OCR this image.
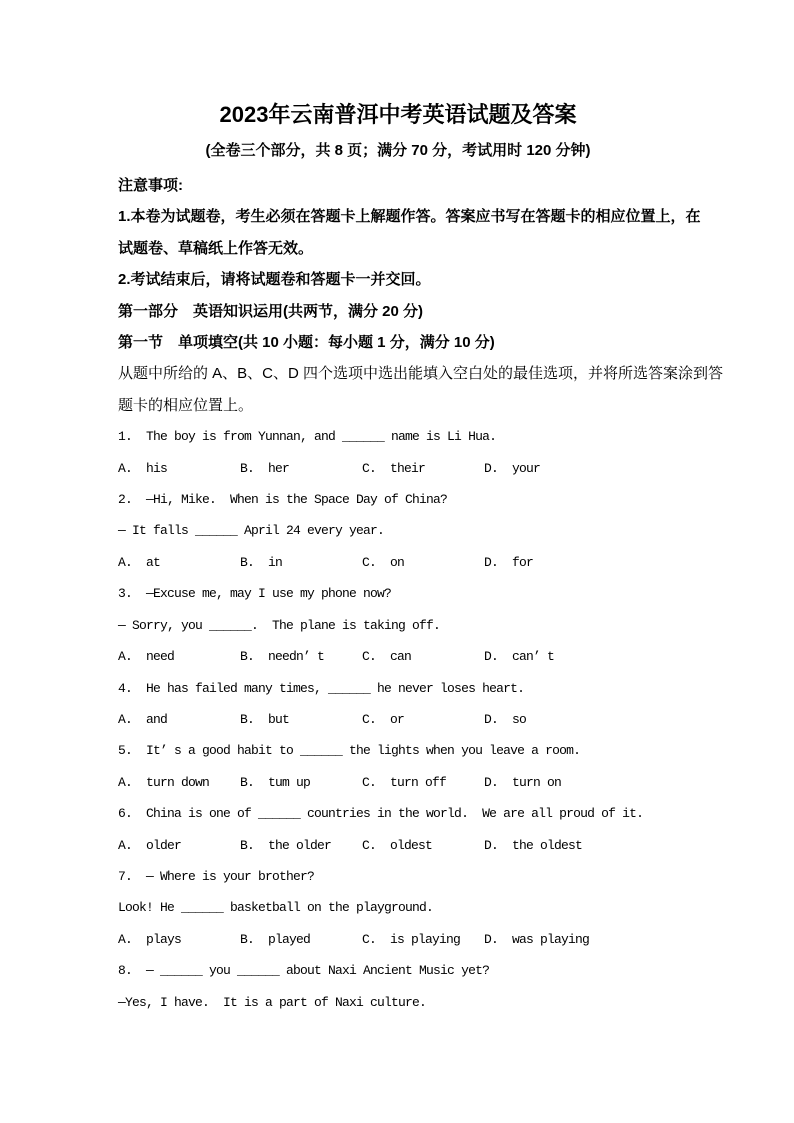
2023年云南普洱中考英语试题及答案
(全卷三个部分，共 8 页；满分 70 分，考试用时 120 分钟)
注意事项:
1.本卷为试题卷，考生必须在答题卡上解题作答。答案应书写在答题卡的相应位置上，在
试题卷、草稿纸上作答无效。
2.考试结束后，请将试题卷和答题卡一并交回。
第一部分　英语知识运用(共两节，满分 20 分)
第一节　单项填空(共 10 小题：每小题 1 分，满分 10 分)
从题中所给的 A、B、C、D 四个选项中选出能填入空白处的最佳选项，并将所选答案涂到答
题卡的相应位置上。
1.  The boy is from Yunnan, and ______ name is Li Hua.
A.  his	B.  her	C.  their	D.  your
2.  —Hi, Mike.  When is the Space Day of China?
— It falls ______ April 24 every year.
A.  at	B.  in	C.  on	D.  for
3.  —Excuse me, may I use my phone now?
— Sorry, you ______.  The plane is taking off.
A.  need	B.  needn’ t	C.  can	D.  can’ t
4.  He has failed many times, ______ he never loses heart.
A.  and	B.  but	C.  or	D.  so
5.  It’ s a good habit to ______ the lights when you leave a room.
A.  turn down B.  tum up	C.  turn off	D.  turn on
6.  China is one of ______ countries in the world.  We are all proud of it.
A.  older	B.  the older C.  oldest	D.  the oldest
7.  — Where is your brother?
Look! He ______ basketball on the playground.
A.  plays	B.  played	C.  is playing D.  was playing
8.  — ______ you ______ about Naxi Ancient Music yet?
—Yes, I have.  It is a part of Naxi culture.
